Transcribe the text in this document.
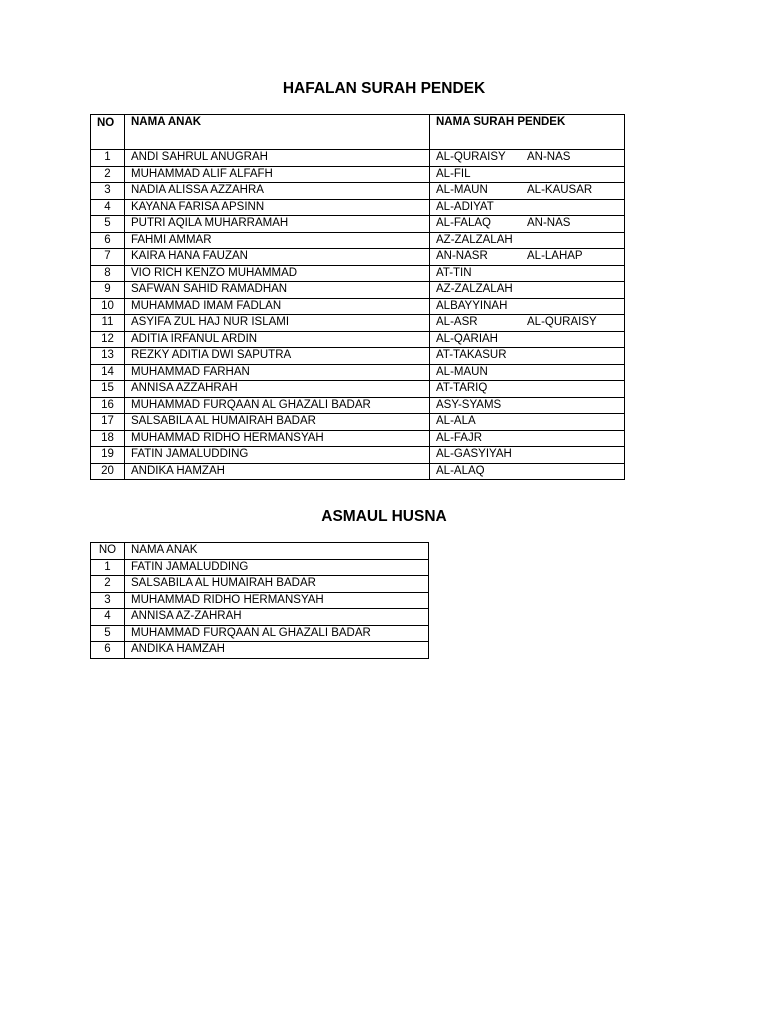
HAFALAN SURAH PENDEK
NO	NAMA ANAK	NAMA SURAH PENDEK
1	ANDI SAHRUL ANUGRAH	AL-QURAISY AN-NAS
2	MUHAMMAD ALIF ALFAFH	AL-FIL
3	NADIA ALISSA AZZAHRA	AL-MAUN AL-KAUSAR
4	KAYANA FARISA APSINN	AL-ADIYAT
5	PUTRI AQILA MUHARRAMAH	AL-FALAQ AN-NAS
6	FAHMI AMMAR	AZ-ZALZALAH
7	KAIRA HANA FAUZAN	AN-NASR AL-LAHAP
8	VIO RICH KENZO MUHAMMAD	AT-TIN
9	SAFWAN SAHID RAMADHAN	AZ-ZALZALAH
10	MUHAMMAD IMAM FADLAN	ALBAYYINAH
11	ASYIFA ZUL HAJ NUR ISLAMI	AL-ASR AL-QURAISY
12	ADITIA IRFANUL ARDIN	AL-QARIAH
13	REZKY ADITIA DWI SAPUTRA	AT-TAKASUR
14	MUHAMMAD FARHAN	AL-MAUN
15	ANNISA AZZAHRAH	AT-TARIQ
16	MUHAMMAD FURQAAN AL GHAZALI BADAR	ASY-SYAMS
17	SALSABILA AL HUMAIRAH BADAR	AL-ALA
18	MUHAMMAD RIDHO HERMANSYAH	AL-FAJR
19	FATIN JAMALUDDING	AL-GASYIYAH
20	ANDIKA HAMZAH	AL-ALAQ
ASMAUL HUSNA
NO	NAMA ANAK
1	FATIN JAMALUDDING
2	SALSABILA AL HUMAIRAH BADAR
3	MUHAMMAD RIDHO HERMANSYAH
4	ANNISA AZ-ZAHRAH
5	MUHAMMAD FURQAAN AL GHAZALI BADAR
6	ANDIKA HAMZAH
